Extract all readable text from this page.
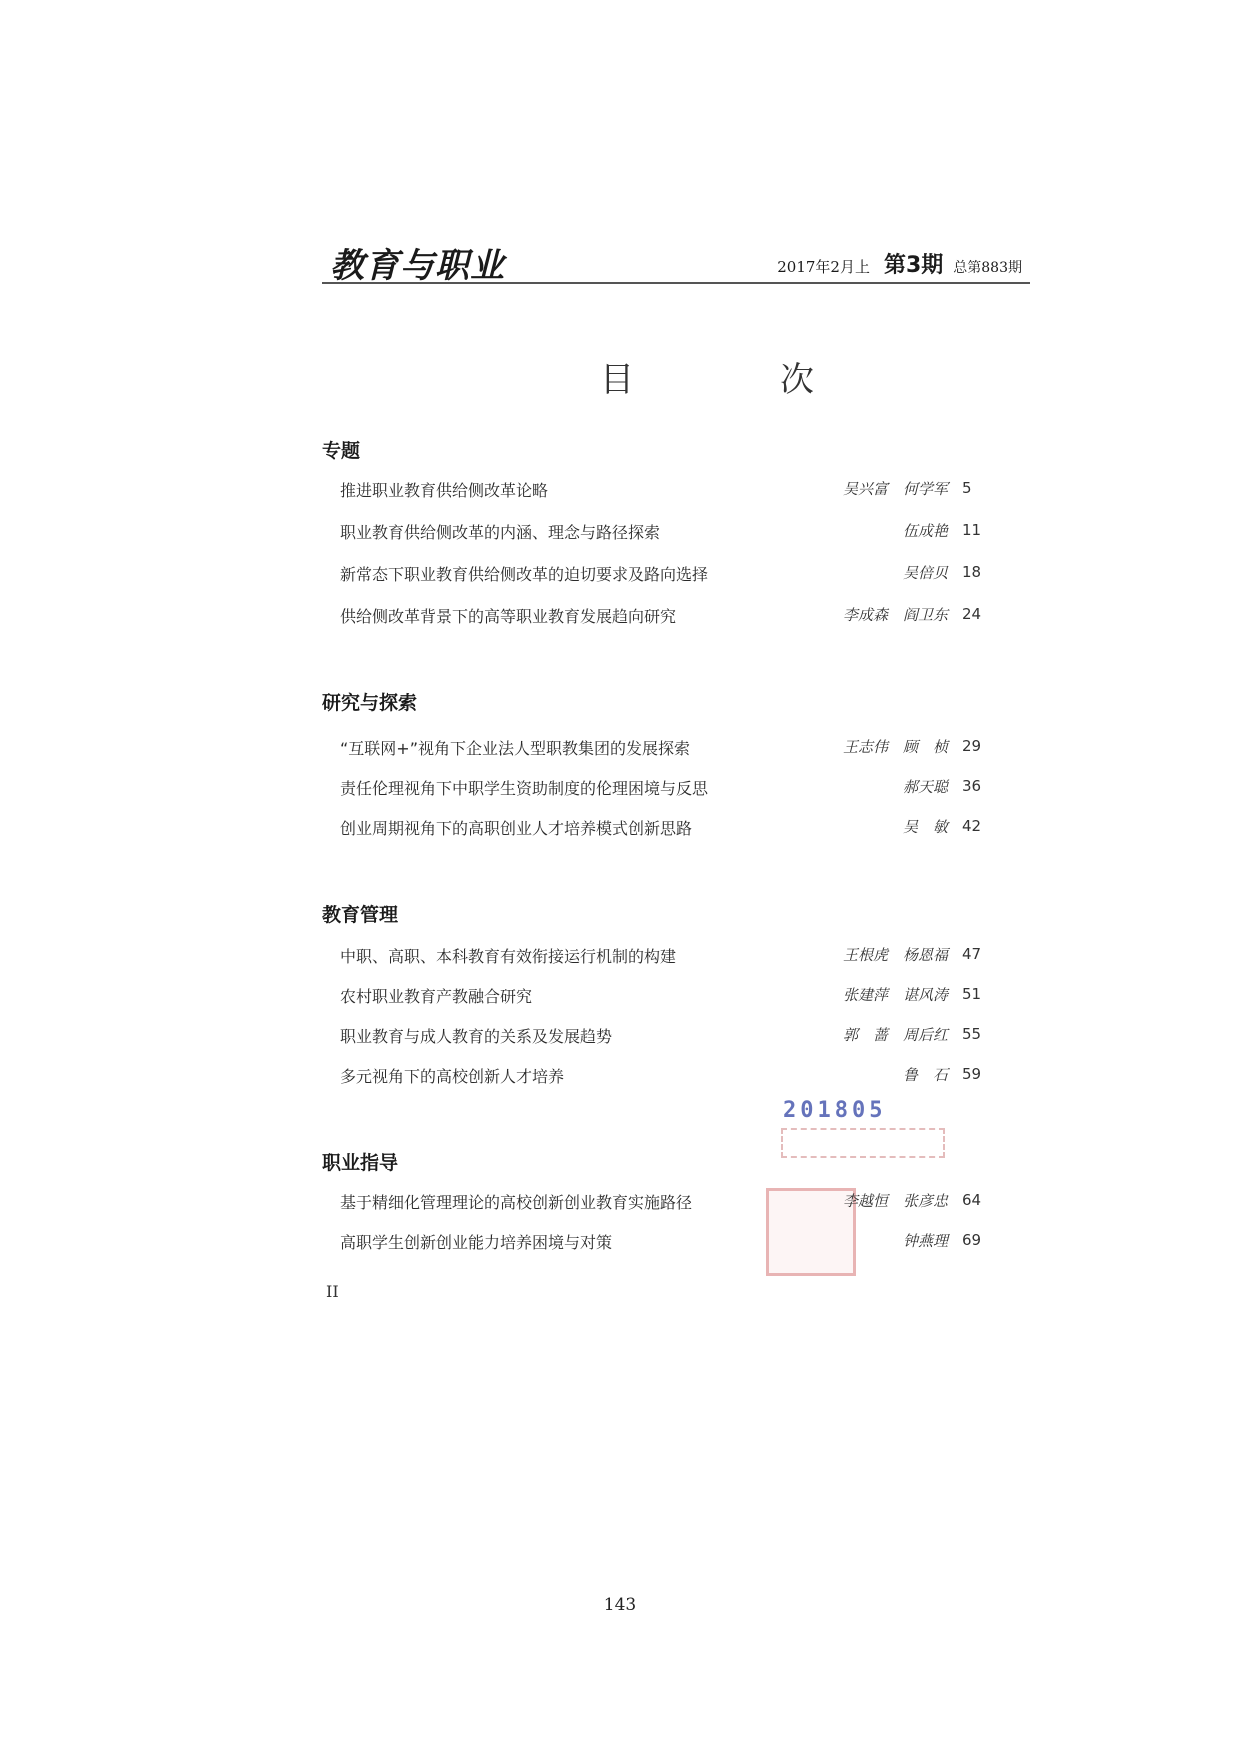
教育与职业	2017年2月上 第3期 总第883期
目　次
专题
推进职业教育供给侧改革论略	吴兴富　何学军 5
职业教育供给侧改革的内涵、理念与路径探索	伍成艳 11
新常态下职业教育供给侧改革的迫切要求及路向选择	吴倍贝 18
供给侧改革背景下的高等职业教育发展趋向研究	李成森　阎卫东 24
研究与探索
“互联网+”视角下企业法人型职教集团的发展探索	王志伟　顾　桢 29
责任伦理视角下中职学生资助制度的伦理困境与反思	郝天聪 36
创业周期视角下的高职创业人才培养模式创新思路	吴　敏 42
教育管理
中职、高职、本科教育有效衔接运行机制的构建	王根虎　杨恩福 47
农村职业教育产教融合研究	张建萍　谌风涛 51
职业教育与成人教育的关系及发展趋势	郭　蔷　周后红 55
多元视角下的高校创新人才培养	鲁　石 59
201805
职业指导
基于精细化管理理论的高校创新创业教育实施路径	李越恒　张彦忠 64
高职学生创新创业能力培养困境与对策	钟燕理 69
II
143
